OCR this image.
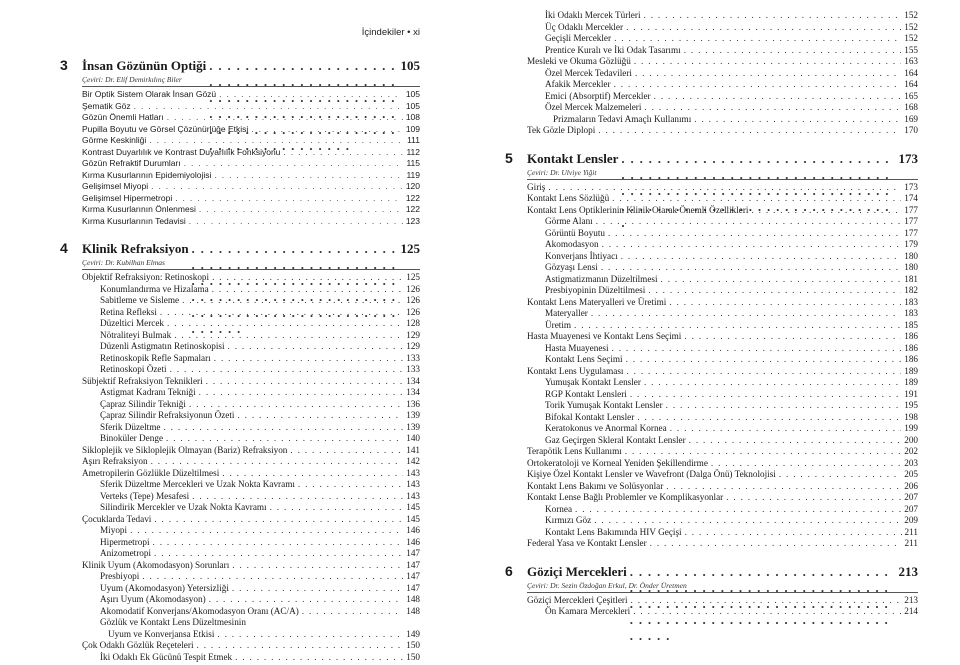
İçindekiler • xi
3	İnsan Gözünün Optiği . . .	105
Çeviri: Dr. Elif Demirkılınç Biler
Bir Optik Sistem Olarak İnsan Gözü . . .	105
Şematik Göz . . .	105
Gözün Önemli Hatları . . .	108
Pupilla Boyutu ve Görsel Çözünürlüğe Etkisi . . .	109
Görme Keskinliği . . .	111
Kontrast Duyarlılık ve Kontrast Duyarlılık Fonksiyonu . . .	112
Gözün Refraktif Durumları . . .	115
Kırma Kusurlarının Epidemiyolojisi . . .	119
Gelişimsel Miyopi . . .	120
Gelişimsel Hipermetropi . . .	122
Kırma Kusurlarının Önlenmesi . . .	122
Kırma Kusurlarının Tedavisi . . .	123
4	Klinik Refraksiyon . . .	125
Çeviri: Dr. Kubilhan Elmas
Objektif Refraksiyon: Retinoskopi . . .	125
Konumlandırma ve Hizalama . . .	126
Sabitleme ve Sisleme . . .	126
Retina Refleksi . . .	126
Düzeltici Mercek . . .	128
Nötraliteyi Bulmak . . .	129
Düzenli Astigmatın Retinoskopisi . . .	129
Retinoskopik Refle Sapmaları . . .	133
Retinoskopi Özeti . . .	133
Sübjektif Refraksiyon Teknikleri . . .	134
Astigmat Kadranı Tekniği . . .	134
Çapraz Silindir Tekniği . . .	136
Çapraz Silindir Refraksiyonun Özeti . . .	139
Sferik Düzeltme . . .	139
Binoküler Denge . . .	140
Sikloplejik ve Sikloplejik Olmayan (Bariz) Refraksiyon . . .	141
Aşırı Refraksiyon . . .	142
Ametropilerin Gözlükle Düzeltilmesi . . .	143
Sferik Düzeltme Mercekleri ve Uzak Nokta Kavramı . . .	143
Verteks (Tepe) Mesafesi . . .	143
Silindirik Mercekler ve Uzak Nokta Kavramı . . .	145
Çocuklarda Tedavi . . .	145
Miyopi . . .	146
Hipermetropi . . .	146
Anizometropi . . .	147
Klinik Uyum (Akomodasyon) Sorunları . . .	147
Presbiyopi . . .	147
Uyum (Akomodasyon) Yetersizliği . . .	147
Aşırı Uyum (Akomodasyon) . . .	148
Akomodatif Konverjans/Akomodasyon Oranı (AC/A) . . .	148
Gözlük ve Kontakt Lens Düzeltmesinin
Uyum ve Konverjansa Etkisi . . .	149
Çok Odaklı Gözlük Reçeteleri . . .	150
İki Odaklı Ek Gücünü Tespit Etmek . . .	150
İki Odaklı Mercek Türleri . . .	152
Üç Odaklı Mercekler . . .	152
Geçişli Mercekler . . .	152
Prentice Kuralı ve İki Odak Tasarımı . . .	155
Mesleki ve Okuma Gözlüğü . . .	163
Özel Mercek Tedavileri . . .	164
Afakik Mercekler . . .	164
Emici (Absorptif) Mercekler . . .	165
Özel Mercek Malzemeleri . . .	168
Prizmaların Tedavi Amaçlı Kullanımı . . .	169
Tek Gözle Diplopi . . .	170
5	Kontakt Lensler . . .	173
Çeviri: Dr. Ulviye Yiğit
Giriş . . .	173
Kontakt Lens Sözlüğü . . .	174
Kontakt Lens Optiklerinin Klinik Olarak Önemli Özellikleri . . .	177
Görme Alanı . . .	177
Görüntü Boyutu . . .	177
Akomodasyon . . .	179
Konverjans İhtiyacı . . .	180
Gözyaşı Lensi . . .	180
Astigmatizmanın Düzeltilmesi . . .	181
Presbiyopinin Düzeltilmesi . . .	182
Kontakt Lens Materyalleri ve Üretimi . . .	183
Materyaller . . .	183
Üretim . . .	185
Hasta Muayenesi ve Kontakt Lens Seçimi . . .	186
Hasta Muayenesi . . .	186
Kontakt Lens Seçimi . . .	186
Kontakt Lens Uygulaması . . .	189
Yumuşak Kontakt Lensler . . .	189
RGP Kontakt Lensleri . . .	191
Torik Yumuşak Kontakt Lensler . . .	195
Bifokal Kontakt Lensler . . .	198
Keratokonus ve Anormal Kornea . . .	199
Gaz Geçirgen Skleral Kontakt Lensler . . .	200
Terapötik Lens Kullanımı . . .	202
Ortokeratoloji ve Korneal Yeniden Şekillendirme . . .	203
Kişiye Özel Kontakt Lensler ve Wavefront (Dalga Önü) Teknolojisi . . .	205
Kontakt Lens Bakımı ve Solüsyonlar . . .	206
Kontakt Lense Bağlı Problemler ve Komplikasyonlar . . .	207
Kornea . . .	207
Kırmızı Göz . . .	209
Kontakt Lens Bakımında HIV Geçişi . . .	211
Federal Yasa ve Kontakt Lensler . . .	211
6	Göziçi Mercekleri . . .	213
Çeviri: Dr. Sezin Özdoğan Erkul, Dr. Önder Üretmen
Göziçi Mercekleri Çeşitleri . . .	213
Ön Kamara Mercekleri . . .	214
